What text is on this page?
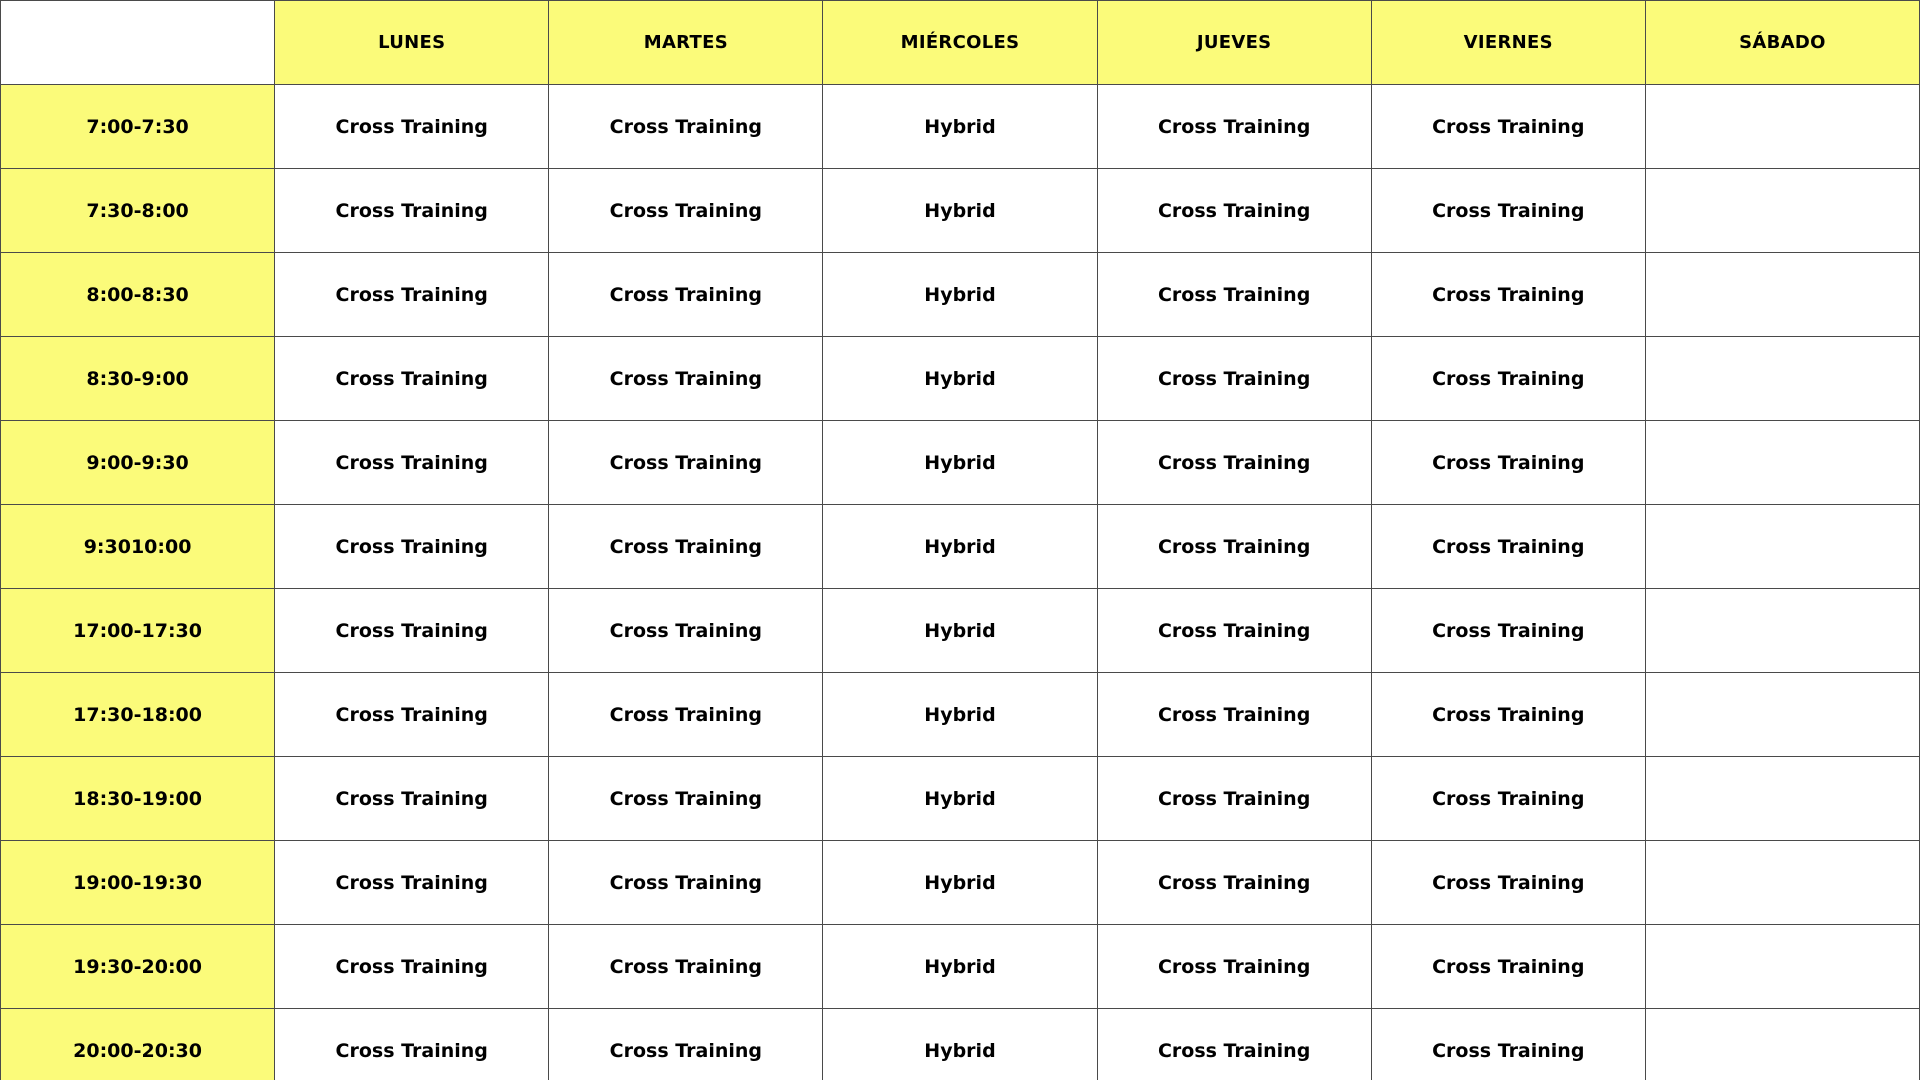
	LUNES	MARTES	MIÉRCOLES	JUEVES	VIERNES	SÁBADO
7:00-7:30	Cross Training	Cross Training	Hybrid	Cross Training	Cross Training	
7:30-8:00	Cross Training	Cross Training	Hybrid	Cross Training	Cross Training	
8:00-8:30	Cross Training	Cross Training	Hybrid	Cross Training	Cross Training	
8:30-9:00	Cross Training	Cross Training	Hybrid	Cross Training	Cross Training	
9:00-9:30	Cross Training	Cross Training	Hybrid	Cross Training	Cross Training	
9:3010:00	Cross Training	Cross Training	Hybrid	Cross Training	Cross Training	
17:00-17:30	Cross Training	Cross Training	Hybrid	Cross Training	Cross Training	
17:30-18:00	Cross Training	Cross Training	Hybrid	Cross Training	Cross Training	
18:30-19:00	Cross Training	Cross Training	Hybrid	Cross Training	Cross Training	
19:00-19:30	Cross Training	Cross Training	Hybrid	Cross Training	Cross Training	
19:30-20:00	Cross Training	Cross Training	Hybrid	Cross Training	Cross Training	
20:00-20:30	Cross Training	Cross Training	Hybrid	Cross Training	Cross Training	
